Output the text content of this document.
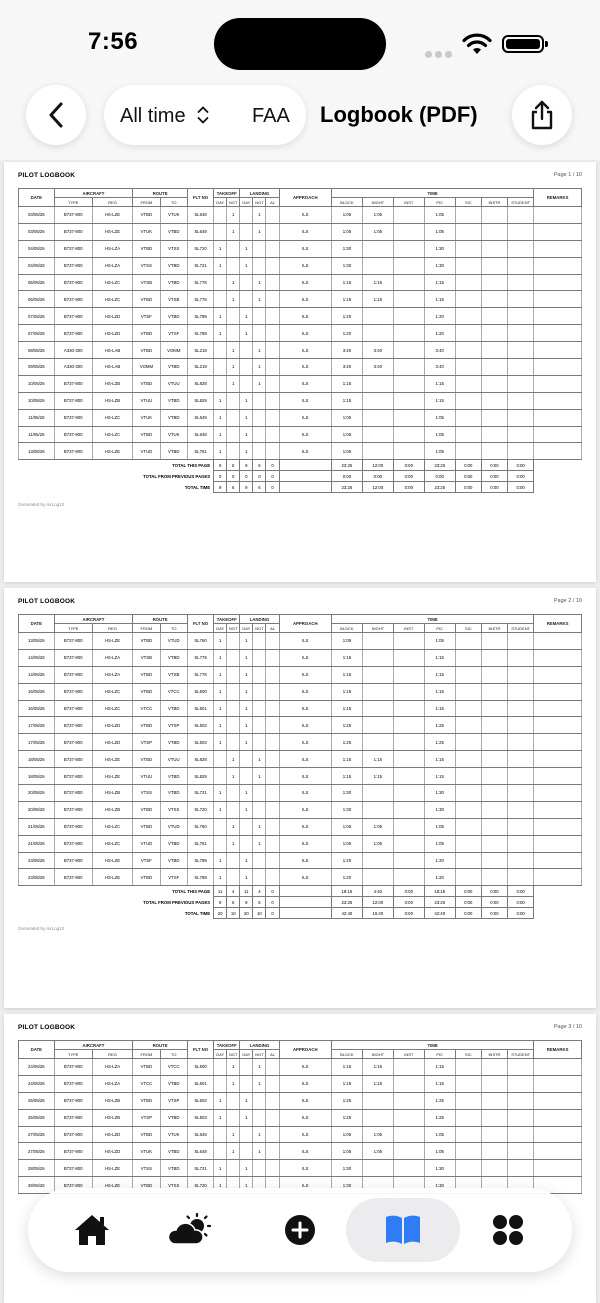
7:56
All time	FAA Logbook (PDF)
PILOT LOGBOOK	Page 1 / 10
DATE	AIRCRAFT		ROUTE		FLT NO	TAKEOFF		LANDING			APPROACH	TIME							REMARKS
	TYPE	REG	FROM	TO		DAY	NGT	DAY	NGT	AL		BLOCK	NIGHT	INST	PIC	SIC	INSTR	STUDENT	
03/05/26	B737-800	HS-LZE	VTBD	VTUK	SL648		1		1		ILS	1:05	1:05		1:05				
03/05/26	B737-800	HS-LZE	VTUK	VTBD	SL649		1		1		ILS	1:05	1:05		1:05				
04/05/26	B737-800	HS-LZA	VTBD	VTSS	SL720	1		1			ILS	1:30			1:30				
04/05/26	B737-800	HS-LZA	VTSS	VTBD	SL721	1		1			ILS	1:30			1:30				
06/05/26	B737-900	HS-LZC	VTSB	VTBD	SL778		1		1		ILS	1:15	1:15		1:15				
06/05/26	B737-900	HS-LZC	VTBD	VTSB	SL778		1		1		ILS	1:15	1:15		1:15				
07/05/26	B737-900	HS-LZD	VTSF	VTBD	SL789	1		1			ILS	1:20			1:20				
07/05/26	B737-900	HS-LZD	VTBD	VTSF	SL788	1		1			ILS	1:20			1:20				
08/05/26	A330-300	HS-LAB	VTBD	VOMM	SL218		1		1		ILS	3:40	3:40		3:40				
09/05/26	A330-300	HS-LAB	VOMM	VTBD	SL219		1		1		ILS	3:40	3:40		3:40				
10/05/26	B737-800	HS-LZB	VTBD	VTUU	SL828		1		1		ILS	1:15			1:15				
10/05/26	B737-800	HS-LZB	VTUU	VTBD	SL829	1		1			ILS	1:15			1:15				
11/05/26	B737-900	HS-LZC	VTUK	VTBD	SL649	1		1			ILS	1:05			1:05				
11/05/26	B737-900	HS-LZC	VTBD	VTUK	SL648	1		1			ILS	1:05			1:05				
13/05/26	B737-800	HS-LZE	VTUD	VTBD	SL761	1		1			ILS	1:05			1:05				
TOTAL THIS PAGE						9	6	9	6	0		23:25	12:00	0:00	23:25	0:00	0:00	0:00	
TOTAL FROM PREVIOUS PAGES						0	0	0	0	0		0:00	0:00	0:00	0:00	0:00	0:00	0:00	
TOTAL TIME						9	6	9	6	0		23:25	12:00	0:00	23:25	0:00	0:00	0:00	
Generated by AirLog10
PILOT LOGBOOK	Page 2 / 10
DATE	AIRCRAFT		ROUTE		FLT NO	TAKEOFF		LANDING			APPROACH	TIME							REMARKS
	TYPE	REG	FROM	TO		DAY	NGT	DAY	NGT	AL		BLOCK	NIGHT	INST	PIC	SIC	INSTR	STUDENT	
13/05/26	B737-800	HS-LZE	VTBD	VTUD	SL760	1		1			ILS	1:05			1:05				
14/05/26	B737-800	HS-LZA	VTSB	VTBD	SL779	1		1			ILS	1:15			1:15				
14/05/26	B737-800	HS-LZA	VTBD	VTSB	SL778	1		1			ILS	1:15			1:15				
16/05/26	B737-900	HS-LZC	VTBD	VTCC	SL500	1		1			ILS	1:15			1:15				
16/05/26	B737-900	HS-LZC	VTCC	VTBD	SL501	1		1			ILS	1:15			1:15				
17/05/26	B737-900	HS-LZD	VTBD	VTSP	SL502	1		1			ILS	1:25			1:25				
17/05/26	B737-900	HS-LZD	VTSP	VTBD	SL503	1		1			ILS	1:25			1:25				
18/05/26	B737-800	HS-LZE	VTBD	VTUU	SL828		1		1		ILS	1:15	1:15		1:15				
18/05/26	B737-800	HS-LZE	VTUU	VTBD	SL829		1		1		ILS	1:15	1:15		1:15				
20/05/26	B737-800	HS-LZB	VTSS	VTBD	SL721	1		1			ILS	1:30			1:30				
20/05/26	B737-800	HS-LZB	VTBD	VTSS	SL720	1		1			ILS	1:30			1:30				
21/05/26	B737-900	HS-LZC	VTBD	VTUD	SL760		1		1		ILS	1:05	1:05		1:05				
21/05/26	B737-900	HS-LZC	VTUD	VTBD	SL761		1		1		ILS	1:05	1:05		1:05				
23/05/26	B737-800	HS-LZE	VTSF	VTBD	SL789	1		1			ILS	1:20			1:20				
23/05/26	B737-800	HS-LZE	VTBD	VTSF	SL788	1		1			ILS	1:20			1:20				
TOTAL THIS PAGE						11	4	11	4	0		18:15	4:40	0:00	18:15	0:00	0:00	0:00	
TOTAL FROM PREVIOUS PAGES						9	6	9	6	0		23:25	12:00	0:00	23:25	0:00	0:00	0:00	
TOTAL TIME						20	10	20	10	0		42:40	16:40	0:00	42:40	0:00	0:00	0:00	
Generated by AirLog10
PILOT LOGBOOK	Page 3 / 10
DATE	AIRCRAFT		ROUTE		FLT NO	TAKEOFF		LANDING			APPROACH	TIME							REMARKS
	TYPE	REG	FROM	TO		DAY	NGT	DAY	NGT	AL		BLOCK	NIGHT	INST	PIC	SIC	INSTR	STUDENT	
24/05/26	B737-800	HS-LZA	VTBD	VTCC	SL500		1		1		ILS	1:15	1:15		1:15				
24/05/26	B737-800	HS-LZA	VTCC	VTBD	SL501		1		1		ILS	1:15	1:15		1:15				
25/05/26	B737-800	HS-LZB	VTBD	VTSP	SL502	1		1			ILS	1:25			1:25				
25/05/26	B737-800	HS-LZB	VTSP	VTBD	SL503	1		1			ILS	1:25			1:25				
27/05/26	B737-900	HS-LZD	VTBD	VTUK	SL649		1		1		ILS	1:05	1:05		1:05				
27/05/26	B737-900	HS-LZD	VTUK	VTBD	SL648		1		1		ILS	1:05	1:05		1:05				
28/05/26	B737-800	HS-LZE	VTSS	VTBD	SL721	1		1			ILS	1:30			1:30				
28/05/26	B737-800	HS-LZE	VTBD	VTSS	SL720	1		1			ILS	1:30			1:30				
